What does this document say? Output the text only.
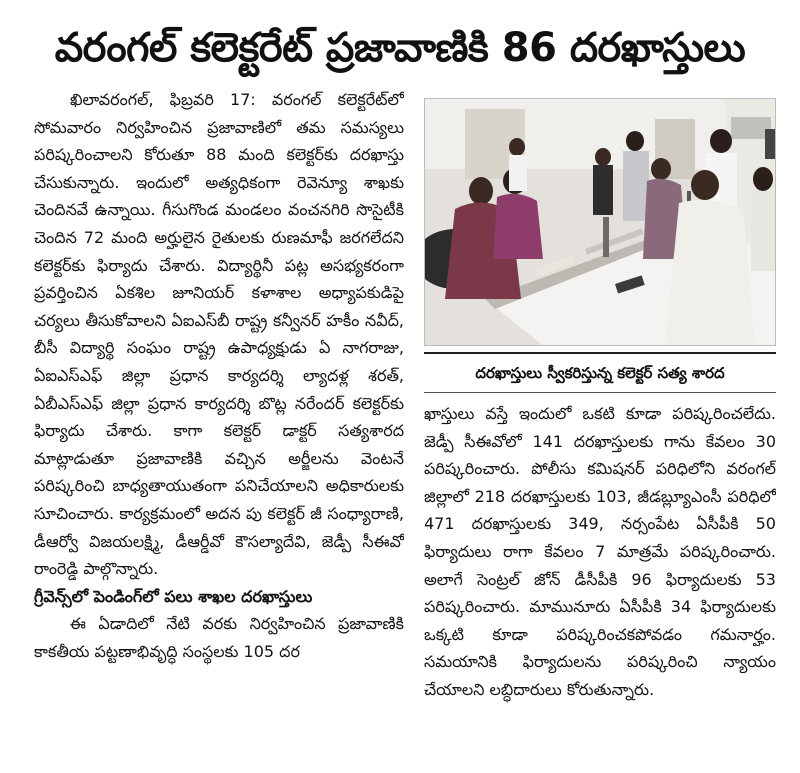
వరంగల్ కలెక్టరేట్ ప్రజావాణికి 86 దరఖాస్తులు

ఖిలావరంగల్, ఫిబ్రవరి 17: వరంగల్ కలెక్టరేట్‌లో సోమవారం నిర్వహించిన ప్రజావాణిలో తమ సమస్యలు పరిష్కరించాలని కోరుతూ 88 మంది కలెక్టర్‌కు దరఖాస్తు చేసుకున్నారు. ఇందులో అత్యధికంగా రెవెన్యూ శాఖకు చెందినవే ఉన్నాయి. గీసుగొండ మండలం వంచనగిరి సొసైటీకి చెందిన 72 మంది అర్హులైన రైతులకు రుణమాఫీ జరగలేదని కలెక్టర్‌కు ఫిర్యాదు చేశారు. విద్యార్థినీ పట్ల అసభ్యకరంగా ప్రవర్తించిన ఏకశిల జూనియర్ కళాశాల అధ్యాపకుడిపై చర్యలు తీసుకోవాలని ఏఐఎస్‌బీ రాష్ట్ర కన్వీనర్ హకీం నవీద్, బీసీ విద్యార్థి సంఘం రాష్ట్ర ఉపాధ్యక్షుడు ఏ నాగరాజు, ఏఐఎస్ఎఫ్ జిల్లా ప్రధాన కార్యదర్శి ల్యాదళ్ల శరత్, ఏబీఎస్ఎఫ్ జిల్లా ప్రధాన కార్యదర్శి బొట్ల నరేందర్ కలెక్టర్‌కు ఫిర్యాదు చేశారు. కాగా కలెక్టర్ డాక్టర్ సత్యశారద మాట్లాడుతూ ప్రజావాణికి వచ్చిన అర్జీలను వెంటనే పరిష్కరించి బాధ్యతాయుతంగా పనిచేయాలని అధికారులకు సూచించారు. కార్యక్రమంలో అదన పు కలెక్టర్ జీ సంధ్యారాణి, డీఆర్వో విజయలక్ష్మి, డీఆర్డీవో కౌసల్యాదేవి, జెడ్పీ సీఈవో రాంరెడ్డి పాల్గొన్నారు.

గ్రీవెన్స్‌లో పెండింగ్‌లో పలు శాఖల దరఖాస్తులు

ఈ ఏడాదిలో నేటి వరకు నిర్వహించిన ప్రజావాణికి కాకతీయ పట్టణాభివృద్ధి సంస్థలకు 105 దర

దరఖాస్తులు స్వీకరిస్తున్న కలెక్టర్ సత్య శారద

ఖాస్తులు వస్తే ఇందులో ఒకటి కూడా పరిష్కరించలేదు. జెడ్పీ సీఈవోలో 141 దరఖాస్తులకు గాను కేవలం 30 పరిష్కరించారు. పోలీసు కమిషనర్ పరిధిలోని వరంగల్ జిల్లాలో 218 దరఖాస్తులకు 103, జీడబ్ల్యూఎంసీ పరిధిలో 471 దరఖాస్తులకు 349, నర్సంపేట ఏసీపీకి 50 ఫిర్యాదులు రాగా కేవలం 7 మాత్రమే పరిష్కరించారు. అలాగే సెంట్రల్ జోన్ డీసీపీకి 96 ఫిర్యాదులకు 53 పరిష్కరించారు. మామునూరు ఏసీపీకి 34 ఫిర్యాదులకు ఒక్కటి కూడా పరిష్కరించకపోవడం గమనార్హం. సమయానికి ఫిర్యాదులను పరిష్కరించి న్యాయం చేయాలని లబ్ధిదారులు కోరుతున్నారు.
